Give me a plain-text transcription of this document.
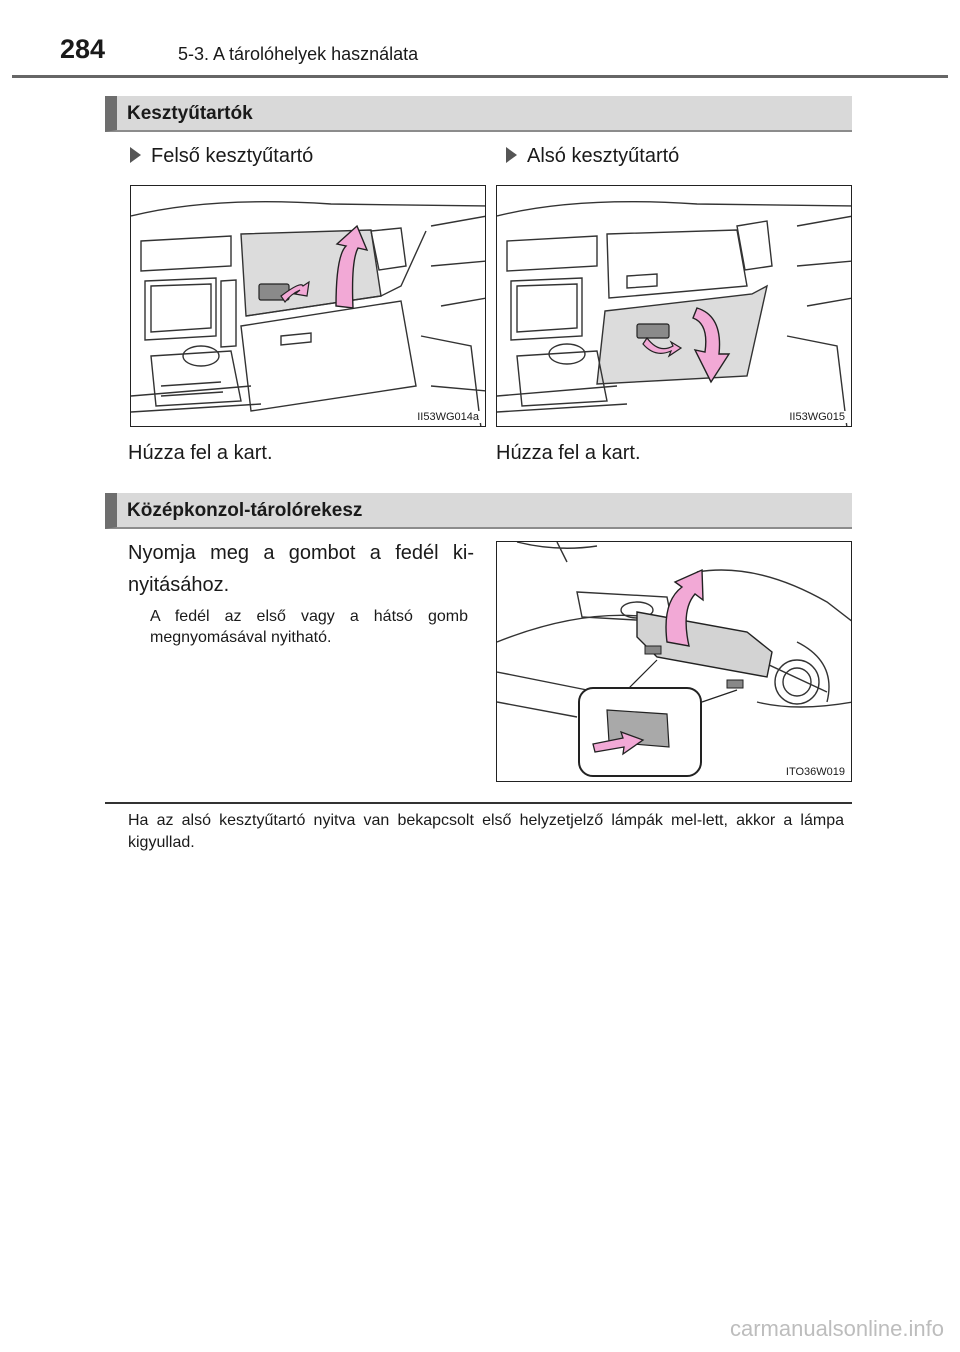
284	5-3. A tárolóhelyek használata
Kesztyűtartók
Felső kesztyűtartó	Alsó kesztyűtartó
II53WG014a	II53WG015
Húzza fel a kart.	Húzza fel a kart.
Középkonzol-tárolórekesz
Nyomja meg a gombot a fedél ki-nyitásához.
A fedél az első vagy a hátsó gomb megnyomásával nyitható.
ITO36W019
Ha az alsó kesztyűtartó nyitva van bekapcsolt első helyzetjelző lámpák mel-lett, akkor a lámpa kigyullad.
carmanualsonline.info
